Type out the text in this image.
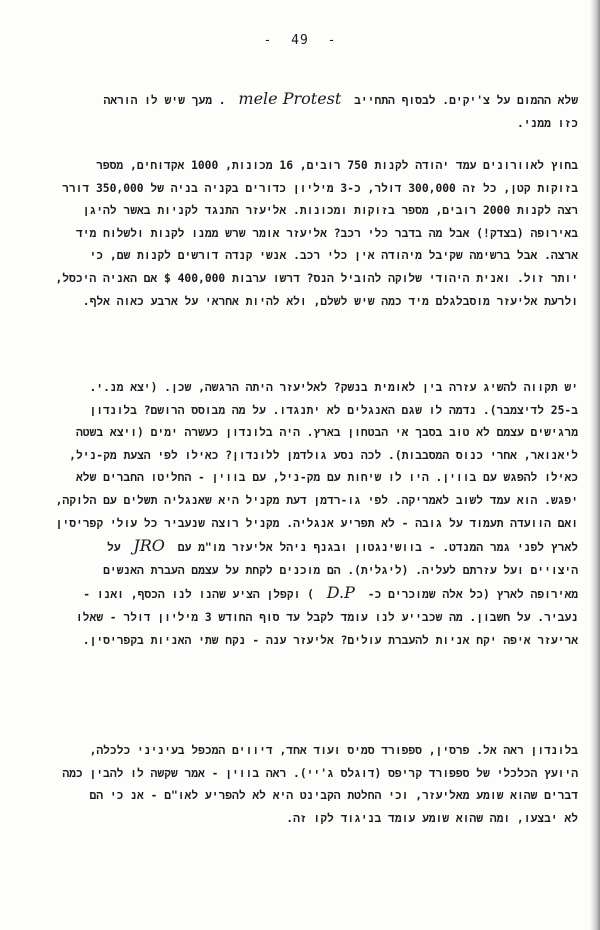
- 49 -
שלא ההמום על צ'יקים. לבסוף התחייב mele Protest . מעך שיש לו הוראה
כזו ממני.
בחוץ לאוורונים עמד יהודה לקנות 750 רובים, 16 מכונות, 1000 אקדוחים, מספר
בזוקות קטן, כל זה 300,000 דולר, כ-3 מיליון כדורים בקניה בניה של 350,000 דורר
רצה לקנות 2000 רובים, מספר בזוקות ומכונות. אליעזר התנגד לקניות באשר להיגן
באירופה (בצדק!) אבל מה בדבר כלי רכב? אליעזר אומר שרש ממנו לקנות ולשלוח מיד
ארצה. אבל ברשימה שקיבל מיהודה אין כלי רכב. אנשי קנדה דורשים לקנות שם, כי
יותר זול. ואנית היהודי שלוקה להוביל הנס? דרשו ערבות 400,000 $ אם האניה היכסל,
ולרעת אליעזר מוסבלגלם מיד כמה שיש לשלם, ולא להיות אחראי על ארבע כאוה אלף.
יש תקווה להשיג עזרה בין לאומית בנשק? לאליעזר היתה הרגשה, שכן. (יצא מנ.י.
ב-25 לדיצמבר). נדמה לו שגם האנגלים לא יתנגדו. על מה מבוסס הרושם? בלונדון
מרגישים עצמם לא טוב בסבך אי הבטחון בארץ. היה בלונדון כעשרה ימים (ויצא בשטה
ליאנואר, אחרי כנוס המסבבות). לכה נסע גולדמן ללונדון? כאילו לפי הצעת מק-ניל,
כאילו להפגש עם בווין. היו לו שיחות עם מק-ניל, עם בווין - החליטו החברים שלא
יפגש. הוא עמד לשוב לאמריקה. לפי גו-רדמן דעת מקניל היא שאנגליה תשלים עם הלוקה,
ואם הוועדה תעמוד על גובה - לא תפריע אנגליה. מקניל רוצה שנעביר כל עולי קפריסין
לארץ לפני גמר המנדט. - בוושינגטון ובגנף ניהל אליעזר מו"מ עם JRO על
היצויים ועל עזרתם לעליה. (ליגלית). הם מוכנים לקחת על עצמם העברת האנשים
מאירופה לארץ (כל אלה שמוכרים כ- D.P ) וקפלן הציע שהנו לנו הכסף, ואנו -
נעביר. על חשבון. מה שכבייע לנו עומד לקבל עד סוף החודש 3 מיליון דולר - שאלו
אריעזר איפה יקח אניות להעברת עולים? אליעזר ענה - נקח שתי האניות בקפריסין.
בלונדון ראה אל. פרסין, ספפורד סמיס ועוד אחד, דיווים המכפל בעיניני כלכלה,
היועץ הכלכלי של ספפורד קריפס (דוגלס ג'יי). ראה בווין - אמר שקשה לו להבין כמה
דברים שהוא שומע מאליעזר, וכי החלטת הקבינט היא לא להפריע לאו"ם - אנ כי הם
לא יבצעו, ומה שהוא שומע עומד בניגוד לקו זה.
